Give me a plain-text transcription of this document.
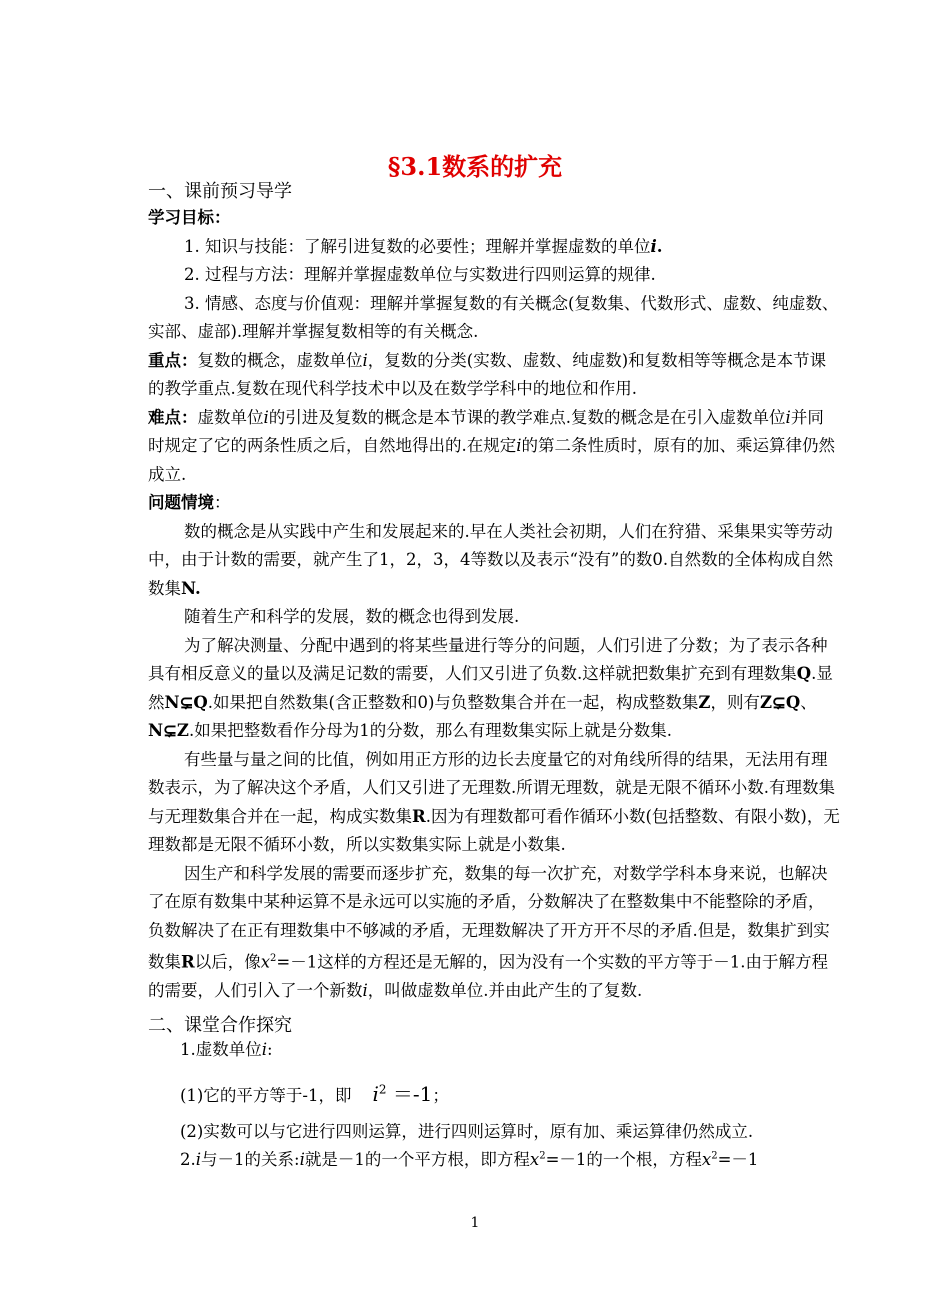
§3.1数系的扩充
一、课前预习导学

学习目标：

1. 知识与技能：了解引进复数的必要性；理解并掌握虚数的单位i.

2. 过程与方法：理解并掌握虚数单位与实数进行四则运算的规律.

3. 情感、态度与价值观：理解并掌握复数的有关概念(复数集、代数形式、虚数、纯虚数、实部、虚部).理解并掌握复数相等的有关概念.

重点：复数的概念，虚数单位i，复数的分类(实数、虚数、纯虚数)和复数相等等概念是本节课的教学重点.复数在现代科学技术中以及在数学学科中的地位和作用.

难点：虚数单位i的引进及复数的概念是本节课的教学难点.复数的概念是在引入虚数单位i并同时规定了它的两条性质之后，自然地得出的.在规定i的第二条性质时，原有的加、乘运算律仍然成立.

问题情境：

数的概念是从实践中产生和发展起来的.早在人类社会初期，人们在狩猎、采集果实等劳动中，由于计数的需要，就产生了1，2，3，4等数以及表示“没有”的数0.自然数的全体构成自然数集N.

随着生产和科学的发展，数的概念也得到发展.

为了解决测量、分配中遇到的将某些量进行等分的问题，人们引进了分数；为了表示各种具有相反意义的量以及满足记数的需要，人们又引进了负数.这样就把数集扩充到有理数集Q.显然N⊊Q.如果把自然数集(含正整数和0)与负整数集合并在一起，构成整数集Z，则有Z⊊Q、N⊊Z.如果把整数看作分母为1的分数，那么有理数集实际上就是分数集.

有些量与量之间的比值，例如用正方形的边长去度量它的对角线所得的结果，无法用有理数表示，为了解决这个矛盾，人们又引进了无理数.所谓无理数，就是无限不循环小数.有理数集与无理数集合并在一起，构成实数集R.因为有理数都可看作循环小数(包括整数、有限小数)，无理数都是无限不循环小数，所以实数集实际上就是小数集.

因生产和科学发展的需要而逐步扩充，数集的每一次扩充，对数学学科本身来说，也解决了在原有数集中某种运算不是永远可以实施的矛盾，分数解决了在整数集中不能整除的矛盾，负数解决了在正有理数集中不够减的矛盾，无理数解决了开方开不尽的矛盾.但是，数集扩到实数集R以后，像$x^2=-1$这样的方程还是无解的，因为没有一个实数的平方等于－1.由于解方程的需要，人们引入了一个新数i，叫做虚数单位.并由此产生的了复数.

二、课堂合作探究
1.虚数单位i:
(1)它的平方等于-1，即 $i^2 =-1$；
(2)实数可以与它进行四则运算，进行四则运算时，原有加、乘运算律仍然成立.
2.i与－1的关系:i就是－1的一个平方根，即方程$x^2=-1$的一个根，方程$x^2=-1$
1
